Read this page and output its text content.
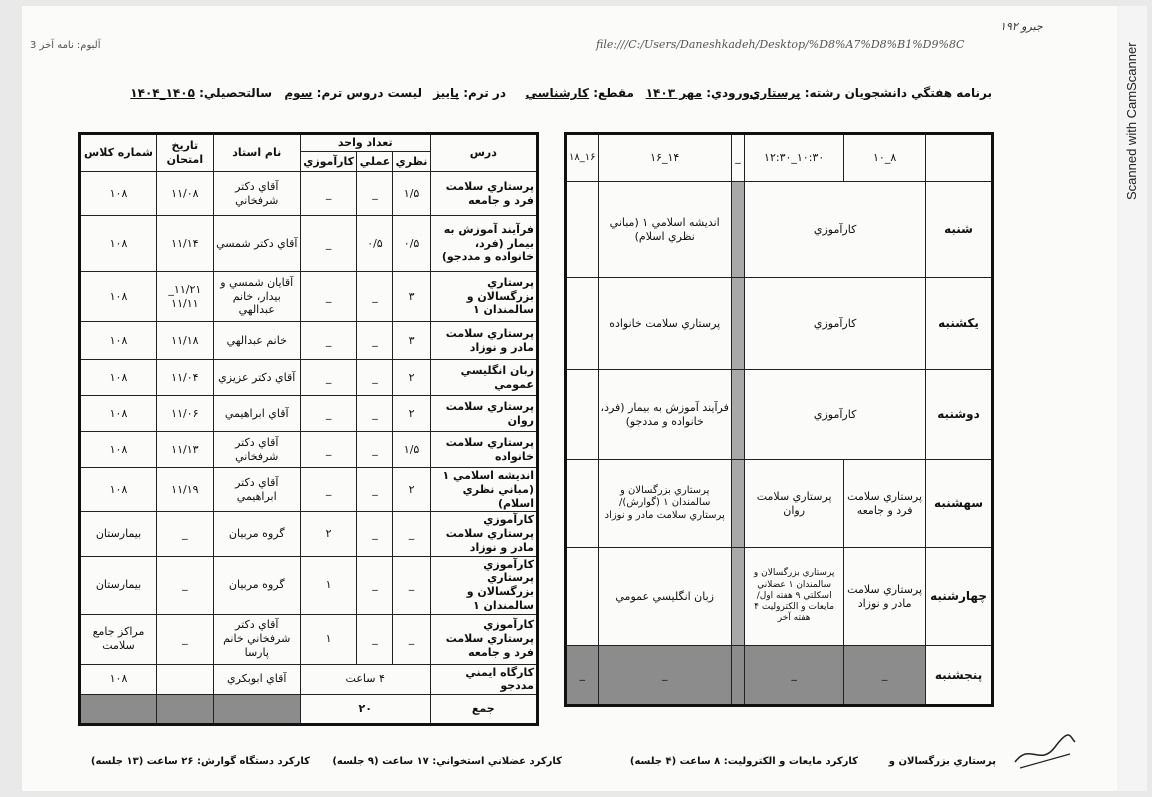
Scanned with CamScanner
آلبوم: نامه آخر 3	file:///C:/Users/Daneshkadeh/Desktop/%D8%A7%D8%B1%D9%8C
۱۹۲ جبرو
برنامه هفتگي دانشجويان رشته: پرستاري
ورودي: مهر ۱۴۰۳
مقطع: كارشناسي
در ترم: پاييز
ليست دروس ترم: سوم
سالتحصيلي: ۱۴۰۵_۱۴۰۴
درس	تعداد واحد			نام استاد	تاريخ امتحان	شماره كلاس
	نظري	عملي	كارآموزي			
پرستاري سلامت فرد و جامعه	۱/۵	_	_	آقاي دكتر شرفخاني	۱۱/۰۸	۱۰۸
فرآيند آموزش به بيمار (فرد، خانواده و مددجو)	۰/۵	۰/۵	_	آقاي دكتر شمسي	۱۱/۱۴	۱۰۸
پرستاري بزرگسالان و سالمندان ۱	۳	_	_	آقايان شمسي و بيدار، خانم عبدالهي	۱۱/۲۱_ ۱۱/۱۱	۱۰۸
پرستاري سلامت مادر و نوزاد	۳	_	_	خانم عبدالهي	۱۱/۱۸	۱۰۸
زبان انگليسي عمومي	۲	_	_	آقاي دكتر عزيزي	۱۱/۰۴	۱۰۸
پرستاري سلامت روان	۲	_	_	آقاي ابراهيمي	۱۱/۰۶	۱۰۸
پرستاري سلامت خانواده	۱/۵	_	_	آقاي دكتر شرفخاني	۱۱/۱۳	۱۰۸
انديشه اسلامي ۱ (مباني نظري اسلام)	۲	_	_	آقاي دكتر ابراهيمي	۱۱/۱۹	۱۰۸
كارآموزي پرستاري سلامت مادر و نوزاد	_	_	۲	گروه مربيان	_	بيمارستان
كارآموزي پرستاري بزرگسالان و سالمندان ۱	_	_	۱	گروه مربيان	_	بيمارستان
كارآموزي پرستاري سلامت فرد و جامعه	_	_	۱	آقاي دكتر شرفخاني خانم پارسا	_	مراكز جامع سلامت
كارگاه ايمني مددجو	۴ ساعت			آقاي ابوبكري		۱۰۸
جمع	۲۰					
	۸_۱۰	۱۰:۳۰_۱۲:۳۰	_	۱۴_۱۶	۱۶_۱۸
شنبه	كارآموزي			انديشه اسلامي ۱ (مباني نظري اسلام)	
يكشنبه	كارآموزي			پرستاري سلامت خانواده	
دوشنبه	كارآموزي			فرآيند آموزش به بيمار (فرد، خانواده و مددجو)	
سهشنبه	پرستاري سلامت فرد و جامعه	پرستاري سلامت روان		پرستاري بزرگسالان و سالمندان ۱ (گوارش)/ پرستاري سلامت مادر و نوزاد	
چهارشنبه	پرستاري سلامت مادر و نوزاد	پرستاري بزرگسالان و سالمندان ۱ عضلاني اسكلتي ۹ هفته اول/ مايعات و الكتروليت ۴ هفته آخر		زبان انگليسي عمومي	
پنجشنبه	_	_		_	_
پرستاري بزرگسالان و
كاركرد مايعات و الكتروليت: ۸ ساعت (۴ جلسه)
كاركرد عضلاني استخواني: ۱۷ ساعت (۹ جلسه)
كاركرد دستگاه گوارش: ۲۶ ساعت (۱۳ جلسه)
